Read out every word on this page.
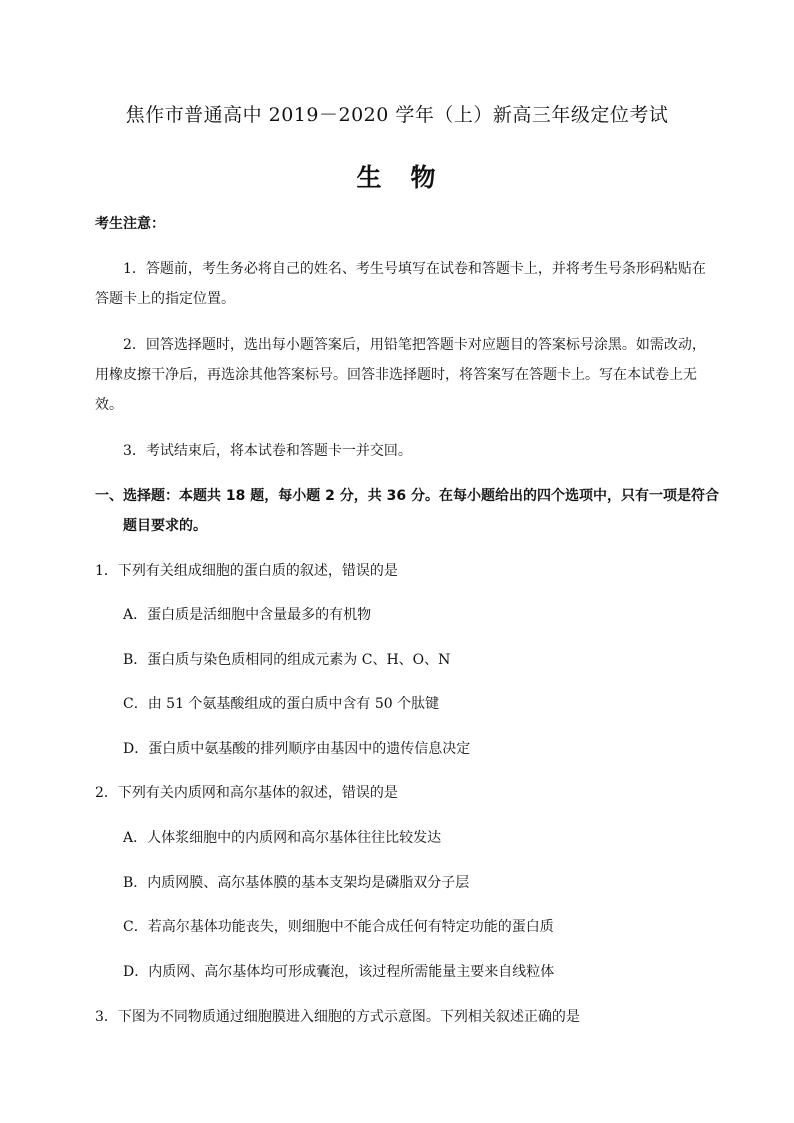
焦作市普通高中 2019－2020 学年（上）新高三年级定位考试
生　物
考生注意：
1．答题前，考生务必将自己的姓名、考生号填写在试卷和答题卡上，并将考生号条形码粘贴在
答题卡上的指定位置。
2．回答选择题时，选出每小题答案后，用铅笔把答题卡对应题目的答案标号涂黑。如需改动，
用橡皮擦干净后，再选涂其他答案标号。回答非选择题时，将答案写在答题卡上。写在本试卷上无
效。
3．考试结束后，将本试卷和答题卡一并交回。
一、选择题：本题共 18 题，每小题 2 分，共 36 分。在每小题给出的四个选项中，只有一项是符合
题目要求的。
1．下列有关组成细胞的蛋白质的叙述，错误的是
A．蛋白质是活细胞中含量最多的有机物
B．蛋白质与染色质相同的组成元素为 C、H、O、N
C．由 51 个氨基酸组成的蛋白质中含有 50 个肽键
D．蛋白质中氨基酸的排列顺序由基因中的遗传信息决定
2．下列有关内质网和高尔基体的叙述，错误的是
A．人体浆细胞中的内质网和高尔基体往往比较发达
B．内质网膜、高尔基体膜的基本支架均是磷脂双分子层
C．若高尔基体功能丧失，则细胞中不能合成任何有特定功能的蛋白质
D．内质网、高尔基体均可形成囊泡，该过程所需能量主要来自线粒体
3．下图为不同物质通过细胞膜进入细胞的方式示意图。下列相关叙述正确的是
